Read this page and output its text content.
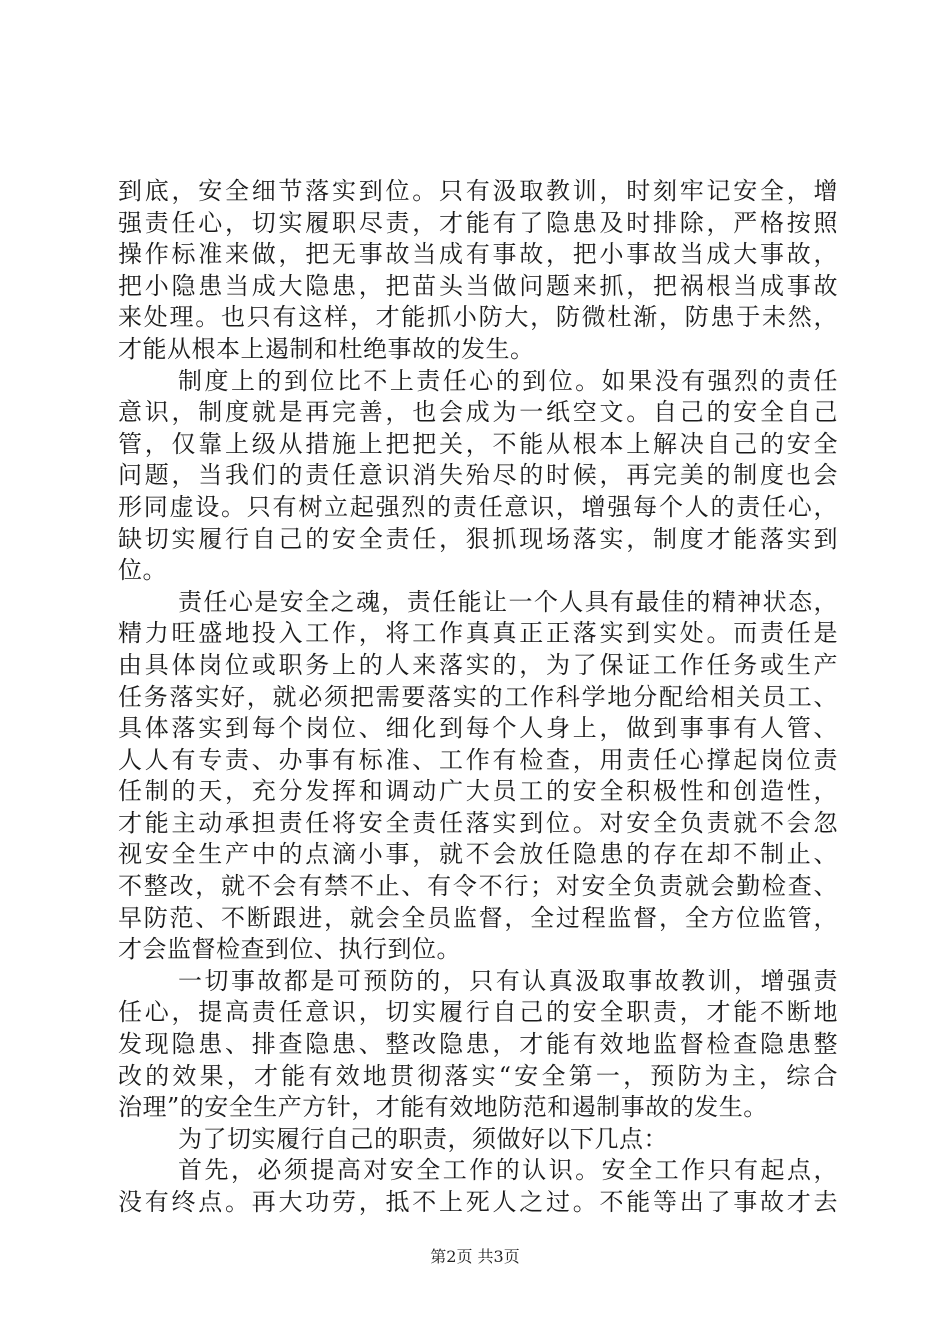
到底，安全细节落实到位。只有汲取教训，时刻牢记安全，增
强责任心，切实履职尽责，才能有了隐患及时排除，严格按照
操作标准来做，把无事故当成有事故，把小事故当成大事故，
把小隐患当成大隐患，把苗头当做问题来抓，把祸根当成事故
来处理。也只有这样，才能抓小防大，防微杜渐，防患于未然，
才能从根本上遏制和杜绝事故的发生。
制度上的到位比不上责任心的到位。如果没有强烈的责任
意识，制度就是再完善，也会成为一纸空文。自己的安全自己
管，仅靠上级从措施上把把关，不能从根本上解决自己的安全
问题，当我们的责任意识消失殆尽的时候，再完美的制度也会
形同虚设。只有树立起强烈的责任意识，增强每个人的责任心，
缺切实履行自己的安全责任，狠抓现场落实，制度才能落实到
位。
责任心是安全之魂，责任能让一个人具有最佳的精神状态，
精力旺盛地投入工作，将工作真真正正落实到实处。而责任是
由具体岗位或职务上的人来落实的，为了保证工作任务或生产
任务落实好，就必须把需要落实的工作科学地分配给相关员工、
具体落实到每个岗位、细化到每个人身上，做到事事有人管、
人人有专责、办事有标准、工作有检查，用责任心撑起岗位责
任制的天，充分发挥和调动广大员工的安全积极性和创造性，
才能主动承担责任将安全责任落实到位。对安全负责就不会忽
视安全生产中的点滴小事，就不会放任隐患的存在却不制止、
不整改，就不会有禁不止、有令不行；对安全负责就会勤检查、
早防范、不断跟进，就会全员监督，全过程监督，全方位监管，
才会监督检查到位、执行到位。
一切事故都是可预防的，只有认真汲取事故教训，增强责
任心，提高责任意识，切实履行自己的安全职责，才能不断地
发现隐患、排查隐患、整改隐患，才能有效地监督检查隐患整
改的效果，才能有效地贯彻落实“安全第一，预防为主，综合
治理”的安全生产方针，才能有效地防范和遏制事故的发生。
为了切实履行自己的职责，须做好以下几点：
首先，必须提高对安全工作的认识。安全工作只有起点，
没有终点。再大功劳，抵不上死人之过。不能等出了事故才去
第2页 共3页
